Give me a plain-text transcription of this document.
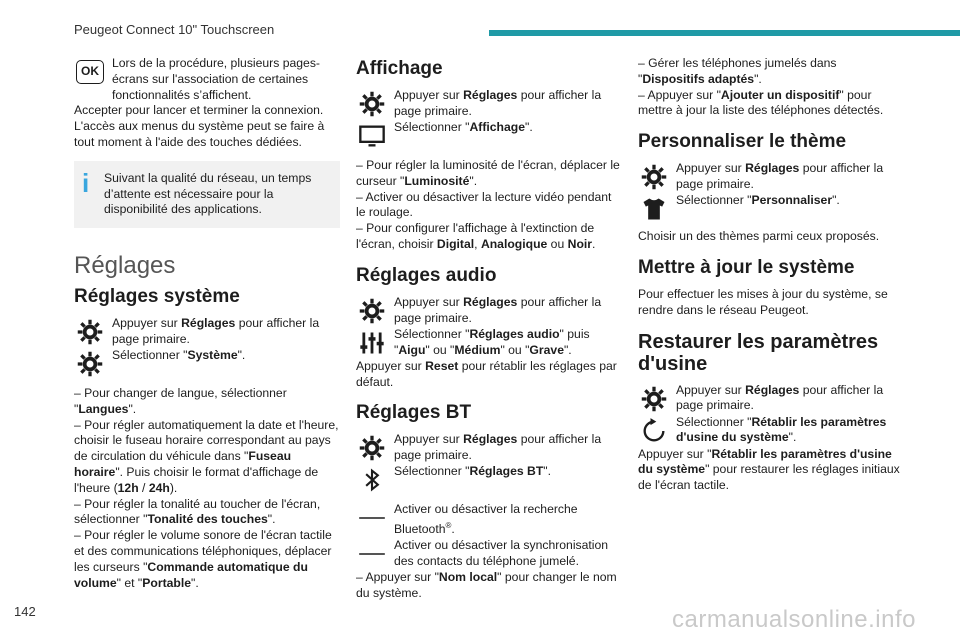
Peugeot Connect 10" Touchscreen
OK

Lors de la procédure, plusieurs pages-écrans sur l'association de certaines fonctionnalités s’affichent.

Accepter pour lancer et terminer la connexion. L'accès aux menus du système peut se faire à tout moment à l'aide des touches dédiées.

i	Suivant la qualité du réseau, un temps d’attente est nécessaire pour la disponibilité des applications.

Réglages
Réglages système

Appuyer sur Réglages pour afficher la page primaire.

Sélectionner "Système".

– Pour changer de langue, sélectionner "Langues".

– Pour régler automatiquement la date et l'heure, choisir le fuseau horaire correspondant au pays de circulation du véhicule dans "Fuseau horaire". Puis choisir le format d'affichage de l'heure (12h / 24h).

– Pour régler la tonalité au toucher de l'écran, sélectionner "Tonalité des touches".

– Pour régler le volume sonore de l'écran tactile et des communications téléphoniques, déplacer les curseurs "Commande automatique du volume" et "Portable".

Affichage

Appuyer sur Réglages pour afficher la page primaire.

Sélectionner "Affichage".

– Pour régler la luminosité de l'écran, déplacer le curseur "Luminosité".

– Activer ou désactiver la lecture vidéo pendant le roulage.

– Pour configurer l'affichage à l'extinction de l'écran, choisir Digital, Analogique ou Noir.

Réglages audio

Appuyer sur Réglages pour afficher la page primaire.

Sélectionner "Réglages audio" puis "Aigu" ou "Médium" ou "Grave".

Appuyer sur Reset pour rétablir les réglages par défaut.

Réglages BT

Appuyer sur Réglages pour afficher la page primaire.

Sélectionner "Réglages BT".

Activer ou désactiver la recherche Bluetooth®.

Activer ou désactiver la synchronisation des contacts du téléphone jumelé.

– Appuyer sur "Nom local" pour changer le nom du système.

– Gérer les téléphones jumelés dans "Dispositifs adaptés".

– Appuyer sur "Ajouter un dispositif" pour mettre à jour la liste des téléphones détectés.

Personnaliser le thème

Appuyer sur Réglages pour afficher la page primaire.

Sélectionner "Personnaliser".

Choisir un des thèmes parmi ceux proposés.

Mettre à jour le système

Pour effectuer les mises à jour du système, se rendre dans le réseau Peugeot.

Restaurer les paramètres d'usine

Appuyer sur Réglages pour afficher la page primaire.

Sélectionner "Rétablir les paramètres d'usine du système".

Appuyer sur "Rétablir les paramètres d'usine du système" pour restaurer les réglages initiaux de l'écran tactile.

142	carmanualsonline.info
